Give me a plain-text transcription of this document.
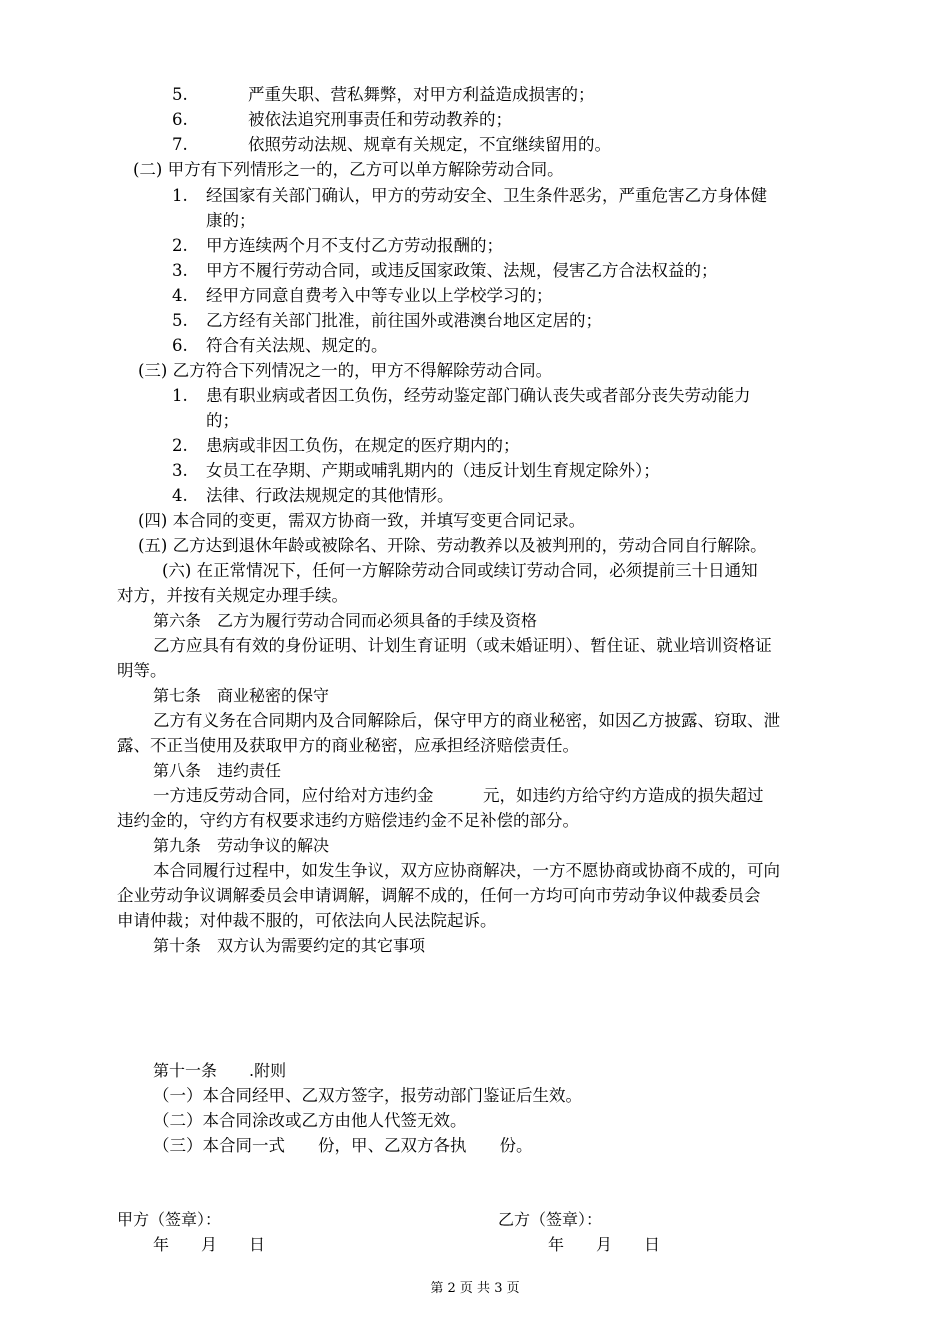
5.	严重失职、营私舞弊，对甲方利益造成损害的；
6.	被依法追究刑事责任和劳动教养的；
7.	依照劳动法规、规章有关规定，不宜继续留用的。
(二) 甲方有下列情形之一的，乙方可以单方解除劳动合同。
1. 经国家有关部门确认，甲方的劳动安全、卫生条件恶劣，严重危害乙方身体健
康的；
2. 甲方连续两个月不支付乙方劳动报酬的；
3. 甲方不履行劳动合同，或违反国家政策、法规，侵害乙方合法权益的；
4. 经甲方同意自费考入中等专业以上学校学习的；
5. 乙方经有关部门批准，前往国外或港澳台地区定居的；
6. 符合有关法规、规定的。
(三) 乙方符合下列情况之一的，甲方不得解除劳动合同。
1. 患有职业病或者因工负伤，经劳动鉴定部门确认丧失或者部分丧失劳动能力
的；
2. 患病或非因工负伤，在规定的医疗期内的；
3. 女员工在孕期、产期或哺乳期内的（违反计划生育规定除外）；
4. 法律、行政法规规定的其他情形。
(四) 本合同的变更，需双方协商一致，并填写变更合同记录。
(五) 乙方达到退休年龄或被除名、开除、劳动教养以及被判刑的，劳动合同自行解除。
(六) 在正常情况下，任何一方解除劳动合同或续订劳动合同，必须提前三十日通知
对方，并按有关规定办理手续。
第六条　乙方为履行劳动合同而必须具备的手续及资格
乙方应具有有效的身份证明、计划生育证明（或未婚证明）、暂住证、就业培训资格证
明等。
第七条　商业秘密的保守
乙方有义务在合同期内及合同解除后，保守甲方的商业秘密，如因乙方披露、窃取、泄
露、不正当使用及获取甲方的商业秘密，应承担经济赔偿责任。
第八条　违约责任
一方违反劳动合同，应付给对方违约金　　　元，如违约方给守约方造成的损失超过
违约金的，守约方有权要求违约方赔偿违约金不足补偿的部分。
第九条　劳动争议的解决
本合同履行过程中，如发生争议，双方应协商解决，一方不愿协商或协商不成的，可向
企业劳动争议调解委员会申请调解，调解不成的，任何一方均可向市劳动争议仲裁委员会
申请仲裁；对仲裁不服的，可依法向人民法院起诉。
第十条　双方认为需要约定的其它事项
第十一条　　.附则
（一）本合同经甲、乙双方签字，报劳动部门鉴证后生效。
（二）本合同涂改或乙方由他人代签无效。
（三）本合同一式　　份，甲、乙双方各执　　份。
甲方（签章）：	乙方（签章）：
年　　月　　日	年　　月　　日
第 2 页 共 3 页
